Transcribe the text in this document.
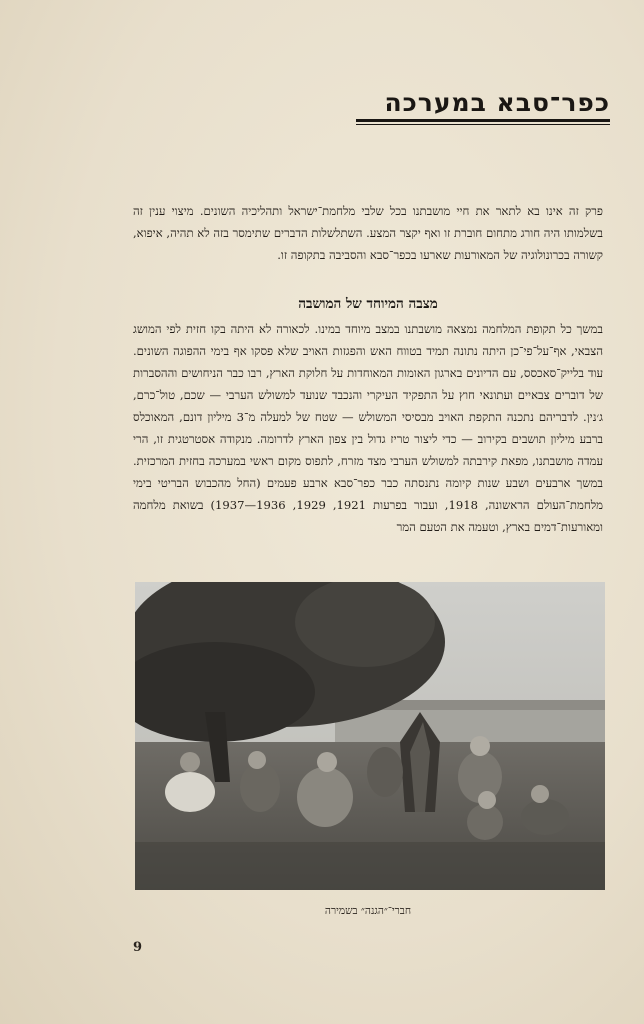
כפר־סבא במערכה
פרק זה אינו בא לתאר את חיי מושבתנו בכל שלבי מלחמת־ישראל ותהליכיה השונים. מיצוי ענין זה בשלמותו היה חורג מתחום חוברת זו ואף יקצר המצע. השתלשלות הדברים שתימסר בזה לא תהיה, איפוא, קשורה בכרונולוגיה של המאורעות שארעו בכפר־סבא והסביבה בתקופה זו.
מצבה המיוחד של המושבה
במשך כל תקופת המלחמה נמצאה מושבתנו במצב מיוחד במינו. לכאורה לא היתה בקו חזית לפי המושג הצבאי, אף־על־פי־כן היתה נתונה תמיד בטווח האש והפגזות האויב שלא פסקו אף בימי ההפוגה השונים. עוד בלייק־סאכסס, עם הדיונים בארגון האומות המאוחדות על חלוקת הארץ, רבו כבר הניחושים וההסברות של דוברים צבאיים ועתונאי חוץ על התפקיד העיקרי והנכבד שנועד למשולש הערבי — שכם, טול־כרם, ג׳נין. לדבריהם נתכנה התקפת האויב מבסיסי המשולש — שטח של למעלה מ־3 מיליון דונם, המאוכלס ברבע מיליון תושבים בקירוב — כדי ליצור טריז גדול בין צפון הארץ לדרומה. מנקודה אסטרטגית זו, הרי עמדה מושבתנו, מפאת קירבתה למשולש הערבי מצד מזרח, לתפוס מקום ראשי במערכה בחזית המרכזית. במשך ארבעים ושבע שנות קיומה נתנסתה כבר כפר־סבא ארבע פעמים (החל מהכבוש הבריטי בימי מלחמת־העולם הראשונה, 1918, ועבור בפרעות 1921, 1929, 1936—1937) בשואת מלחמה ומאורעות־דמים בארץ, וטעמה את הטעם המר
חברי־״הגנה״ בשמירה
9
